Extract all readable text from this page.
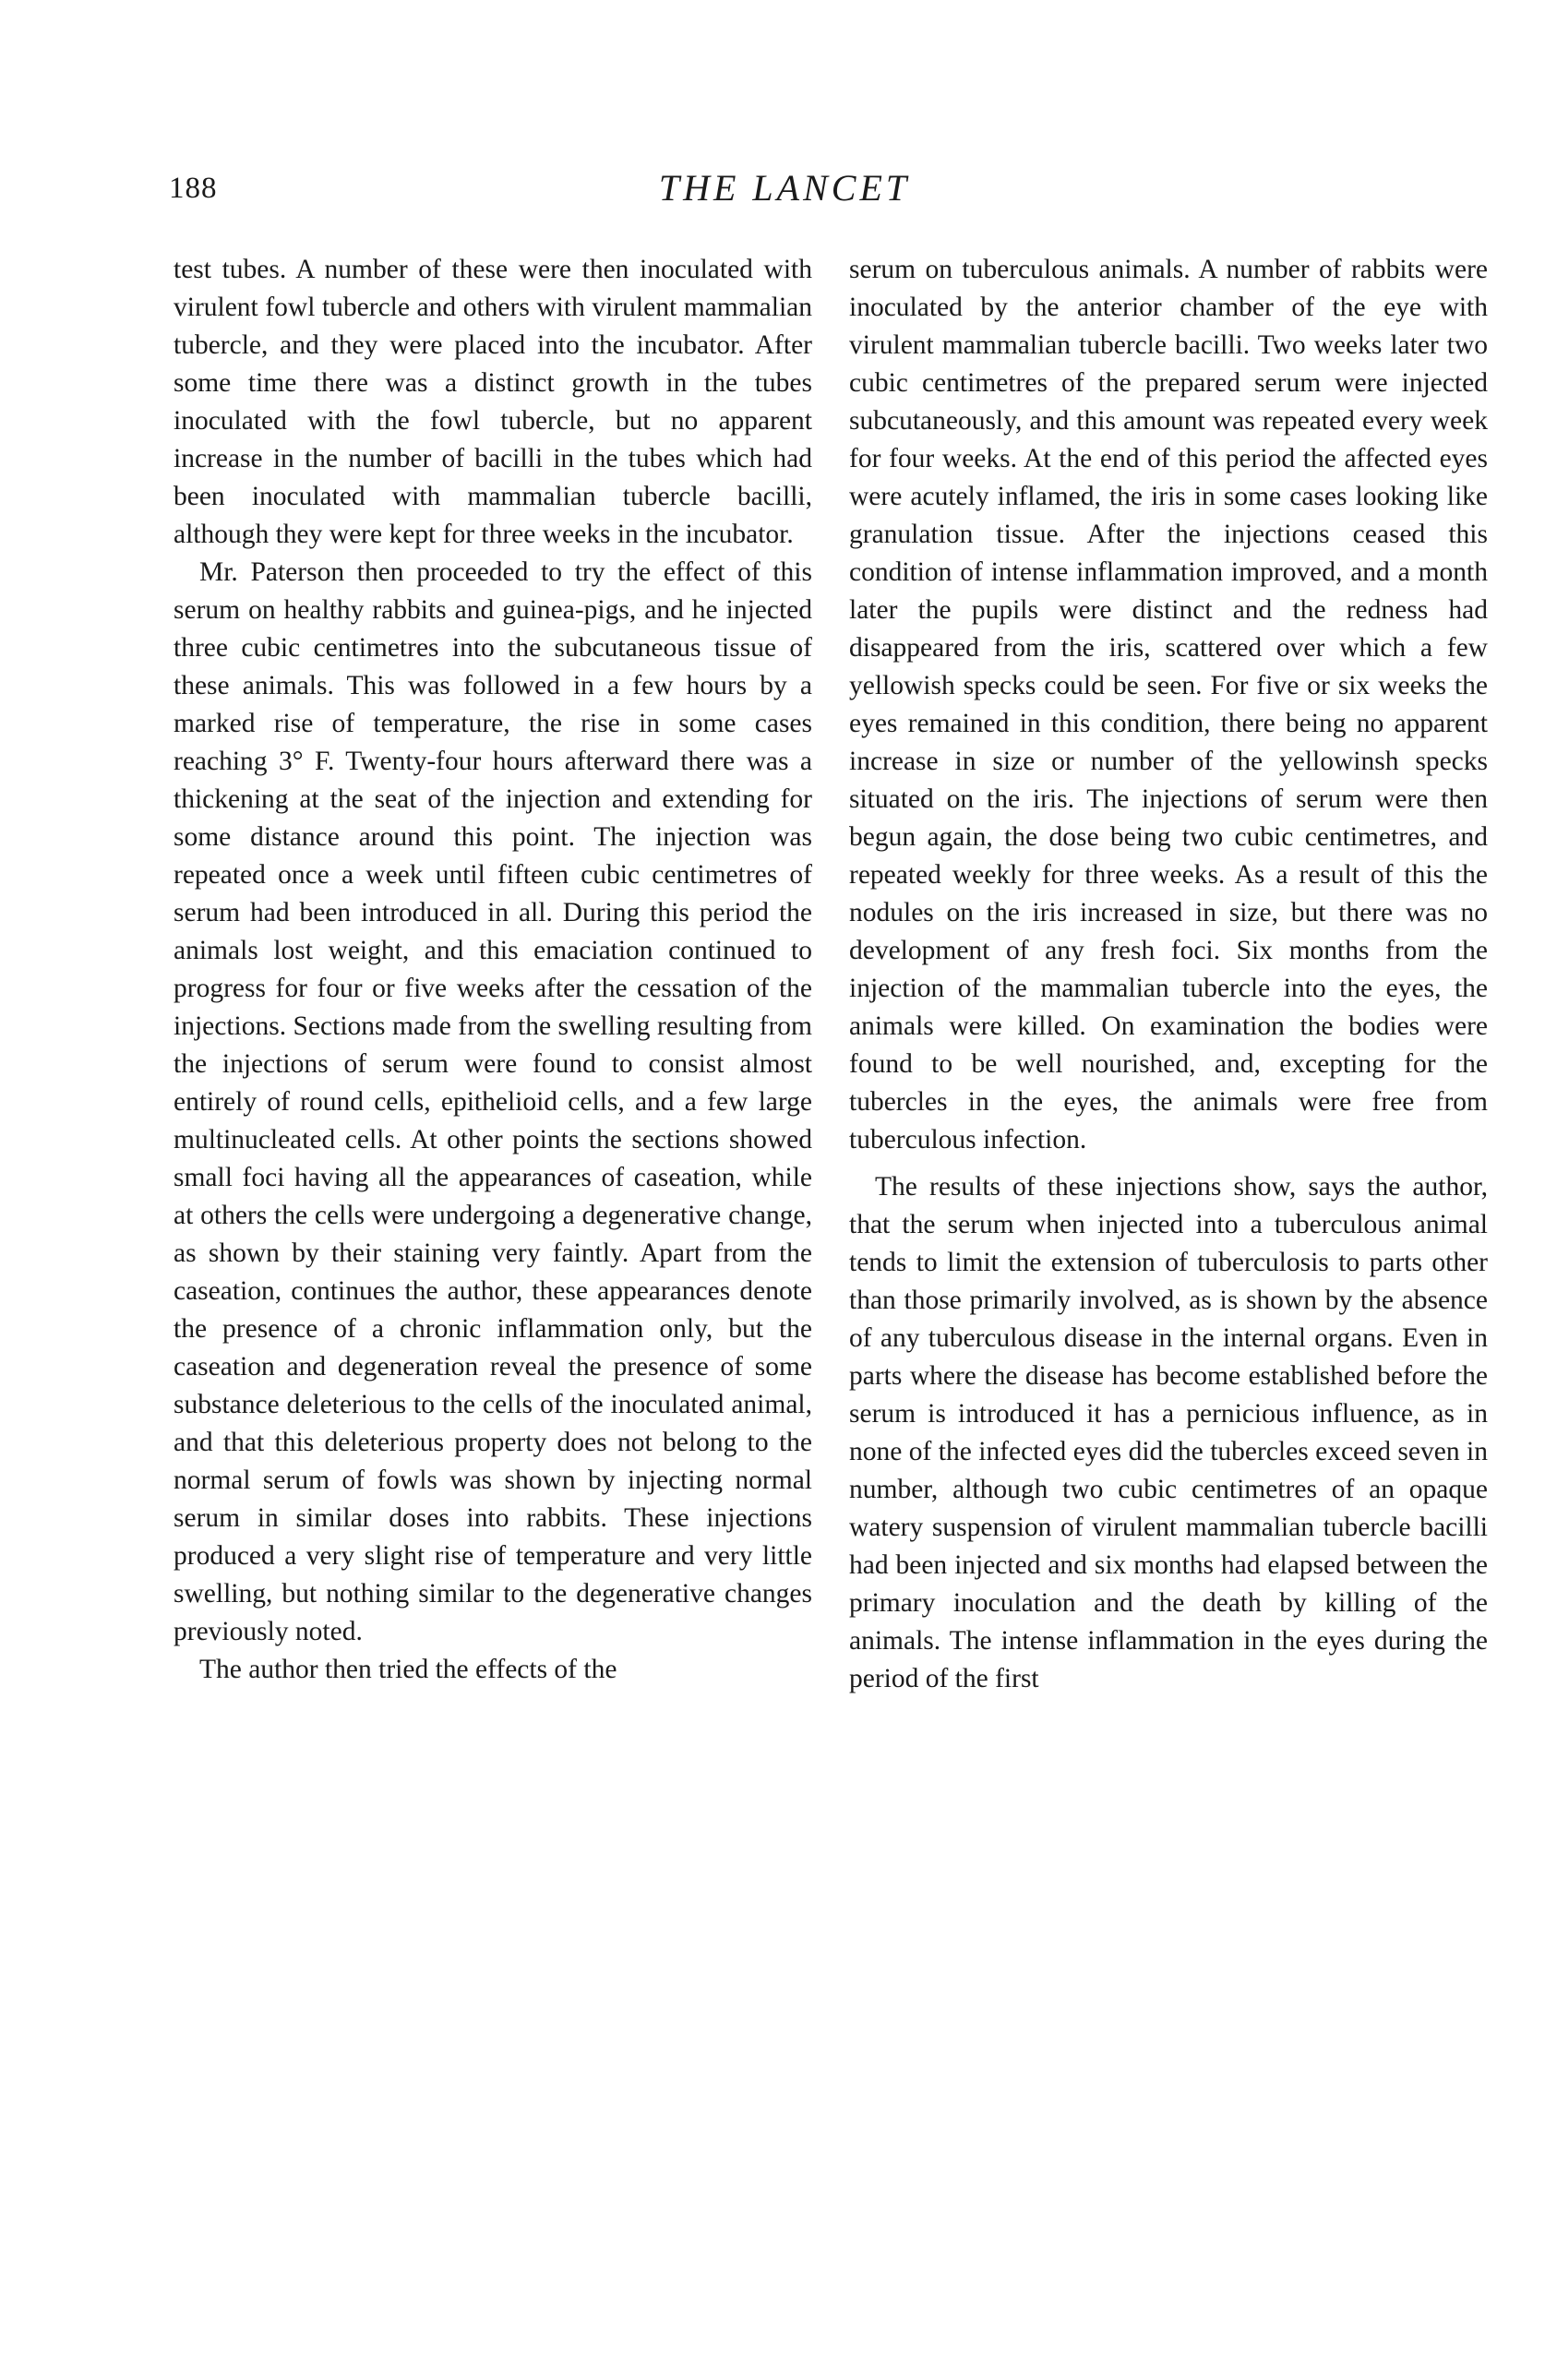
188	THE LANCET

test tubes. A number of these were then inoculated with virulent fowl tubercle and others with virulent mammalian tubercle, and they were placed into the incubator. After some time there was a distinct growth in the tubes inoculated with the fowl tubercle, but no apparent increase in the number of bacilli in the tubes which had been inoculated with mammalian tubercle bacilli, although they were kept for three weeks in the incubator.

Mr. Paterson then proceeded to try the effect of this serum on healthy rabbits and guinea-pigs, and he injected three cubic centimetres into the subcutaneous tissue of these animals. This was followed in a few hours by a marked rise of temperature, the rise in some cases reaching 3° F. Twenty-four hours afterward there was a thickening at the seat of the injection and extending for some distance around this point. The injection was repeated once a week until fifteen cubic centimetres of serum had been introduced in all. During this period the animals lost weight, and this emaciation continued to progress for four or five weeks after the cessation of the injections. Sections made from the swelling resulting from the injections of serum were found to consist almost entirely of round cells, epithelioid cells, and a few large multinucleated cells. At other points the sections showed small foci having all the appearances of caseation, while at others the cells were undergoing a degenerative change, as shown by their staining very faintly. Apart from the caseation, continues the author, these appearances denote the presence of a chronic inflammation only, but the caseation and degeneration reveal the presence of some substance deleterious to the cells of the inoculated animal, and that this deleterious property does not belong to the normal serum of fowls was shown by injecting normal serum in similar doses into rabbits. These injections produced a very slight rise of temperature and very little swelling, but nothing similar to the degenerative changes previously noted.

The author then tried the effects of the

serum on tuberculous animals. A number of rabbits were inoculated by the anterior chamber of the eye with virulent mammalian tubercle bacilli. Two weeks later two cubic centimetres of the prepared serum were injected subcutaneously, and this amount was repeated every week for four weeks. At the end of this period the affected eyes were acutely inflamed, the iris in some cases looking like granulation tissue. After the injections ceased this condition of intense inflammation improved, and a month later the pupils were distinct and the redness had disappeared from the iris, scattered over which a few yellowish specks could be seen. For five or six weeks the eyes remained in this condition, there being no apparent increase in size or number of the yellowinsh specks situated on the iris. The injections of serum were then begun again, the dose being two cubic centimetres, and repeated weekly for three weeks. As a result of this the nodules on the iris increased in size, but there was no development of any fresh foci. Six months from the injection of the mammalian tubercle into the eyes, the animals were killed. On examination the bodies were found to be well nourished, and, excepting for the tubercles in the eyes, the animals were free from tuberculous infection.

The results of these injections show, says the author, that the serum when injected into a tuberculous animal tends to limit the extension of tuberculosis to parts other than those primarily involved, as is shown by the absence of any tuberculous disease in the internal organs. Even in parts where the disease has become established before the serum is introduced it has a pernicious influence, as in none of the infected eyes did the tubercles exceed seven in number, although two cubic centimetres of an opaque watery suspension of virulent mammalian tubercle bacilli had been injected and six months had elapsed between the primary inoculation and the death by killing of the animals. The intense inflammation in the eyes during the period of the first
